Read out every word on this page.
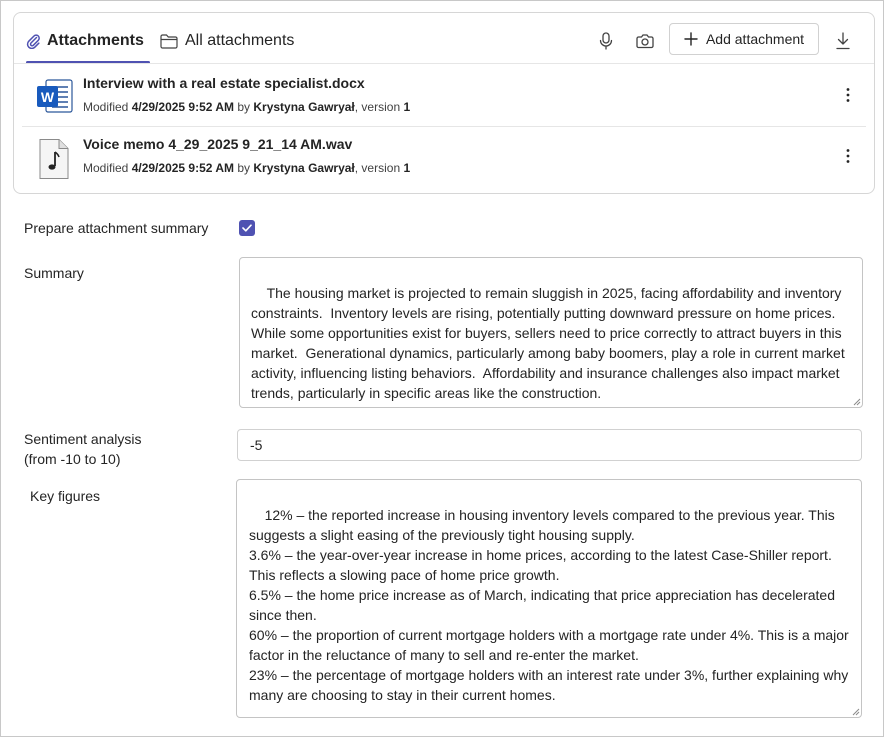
Attachments	All attachments	Add attachment
W
Interview with a real estate specialist.docx
Modified 4/29/2025 9:52 AM by Krystyna Gawryał, version 1
Voice memo 4_29_2025 9_21_14 AM.wav
Modified 4/29/2025 9:52 AM by Krystyna Gawryał, version 1
Prepare attachment summary
Summary

The housing market is projected to remain sluggish in 2025, facing affordability and inventory constraints.  Inventory levels are rising, potentially putting downward pressure on home prices.  While some opportunities exist for buyers, sellers need to price correctly to attract buyers in this market.  Generational dynamics, particularly among baby boomers, play a role in current market activity, influencing listing behaviors.  Affordability and insurance challenges also impact market trends, particularly in specific areas like the construction.

Sentiment analysis
(from -10 to 10)
-5
Key figures

12% – the reported increase in housing inventory levels compared to the previous year. This suggests a slight easing of the previously tight housing supply.
3.6% – the year-over-year increase in home prices, according to the latest Case-Shiller report. This reflects a slowing pace of home price growth.
6.5% – the home price increase as of March, indicating that price appreciation has decelerated since then.
60% – the proportion of current mortgage holders with a mortgage rate under 4%. This is a major factor in the reluctance of many to sell and re-enter the market.
23% – the percentage of mortgage holders with an interest rate under 3%, further explaining why many are choosing to stay in their current homes.
